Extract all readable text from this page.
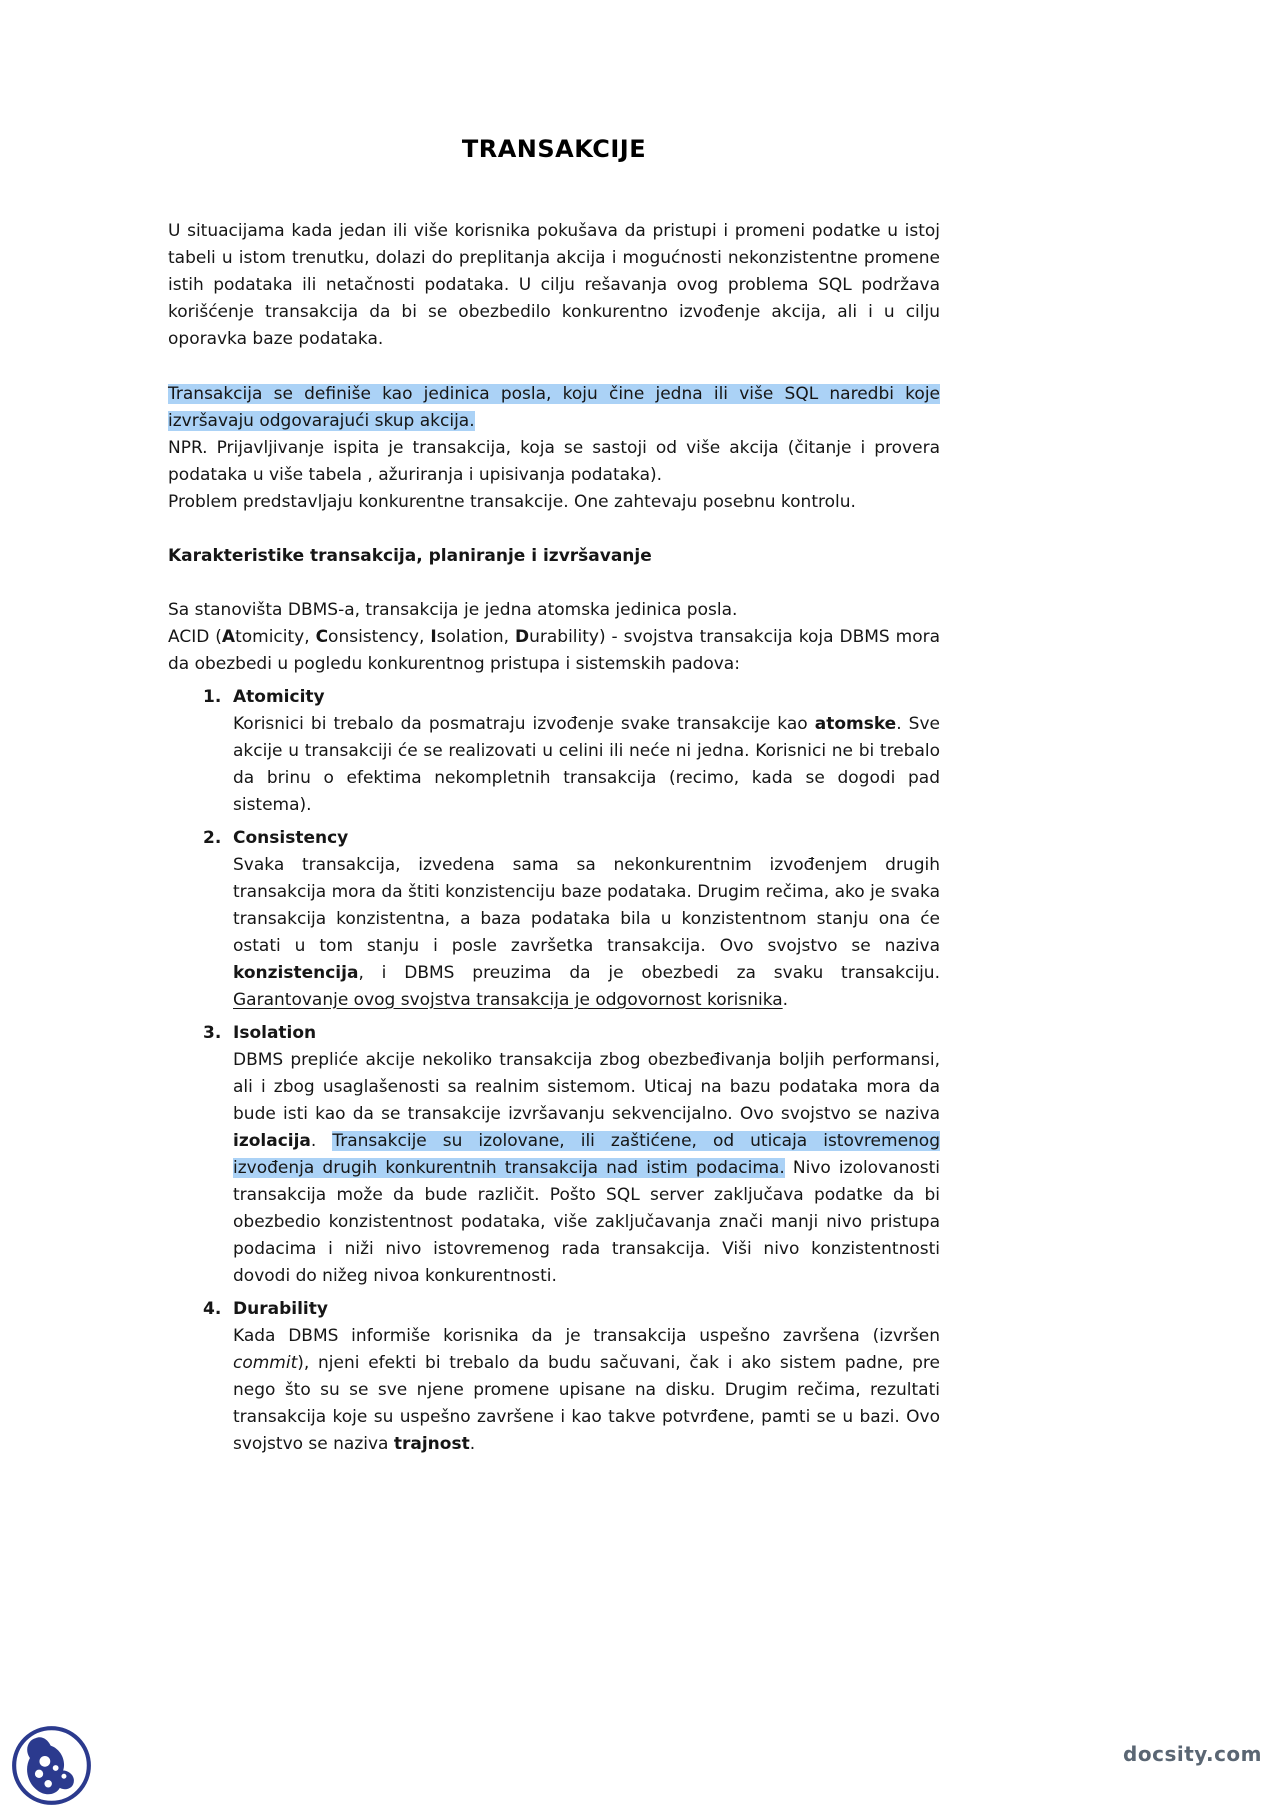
TRANSAKCIJE

U situacijama kada jedan ili više korisnika pokušava da pristupi i promeni podatke u istoj tabeli u istom trenutku, dolazi do preplitanja akcija i mogućnosti nekonzistentne promene istih podataka ili netačnosti podataka. U cilju rešavanja ovog problema SQL podržava korišćenje transakcija da bi se obezbedilo konkurentno izvođenje akcija, ali i u cilju oporavka baze podataka.

Transakcija se definiše kao jedinica posla, koju čine jedna ili više SQL naredbi koje izvršavaju odgovarajući skup akcija.

NPR. Prijavljivanje ispita je transakcija, koja se sastoji od više akcija (čitanje i provera podataka u više tabela , ažuriranja i upisivanja podataka).

Problem predstavljaju konkurentne transakcije. One zahtevaju posebnu kontrolu.

Karakteristike transakcija, planiranje i izvršavanje

Sa stanovišta DBMS-a, transakcija je jedna atomska jedinica posla.

ACID (Atomicity, Consistency, Isolation, Durability) - svojstva transakcija koja DBMS mora da obezbedi u pogledu konkurentnog pristupa i sistemskih padova:

1. Atomicity
Korisnici bi trebalo da posmatraju izvođenje svake transakcije kao atomske. Sve akcije u transakciji će se realizovati u celini ili neće ni jedna. Korisnici ne bi trebalo da brinu o efektima nekompletnih transakcija (recimo, kada se dogodi pad sistema).
2. Consistency
Svaka transakcija, izvedena sama sa nekonkurentnim izvođenjem drugih transakcija mora da štiti konzistenciju baze podataka. Drugim rečima, ako je svaka transakcija konzistentna, a baza podataka bila u konzistentnom stanju ona će ostati u tom stanju i posle završetka transakcija. Ovo svojstvo se naziva konzistencija, i DBMS preuzima da je obezbedi za svaku transakciju. Garantovanje ovog svojstva transakcija je odgovornost korisnika.
3. Isolation
DBMS prepliće akcije nekoliko transakcija zbog obezbeđivanja boljih performansi, ali i zbog usaglašenosti sa realnim sistemom. Uticaj na bazu podataka mora da bude isti kao da se transakcije izvršavanju sekvencijalno. Ovo svojstvo se naziva izolacija. Transakcije su izolovane, ili zaštićene, od uticaja istovremenog izvođenja drugih konkurentnih transakcija nad istim podacima. Nivo izolovanosti transakcija može da bude različit. Pošto SQL server zaključava podatke da bi obezbedio konzistentnost podataka, više zaključavanja znači manji nivo pristupa podacima i niži nivo istovremenog rada transakcija. Viši nivo konzistentnosti dovodi do nižeg nivoa konkurentnosti.
4. Durability
Kada DBMS informiše korisnika da je transakcija uspešno završena (izvršen commit), njeni efekti bi trebalo da budu sačuvani, čak i ako sistem padne, pre nego što su se sve njene promene upisane na disku. Drugim rečima, rezultati transakcija koje su uspešno završene i kao takve potvrđene, pamti se u bazi. Ovo svojstvo se naziva trajnost.
docsity.com
